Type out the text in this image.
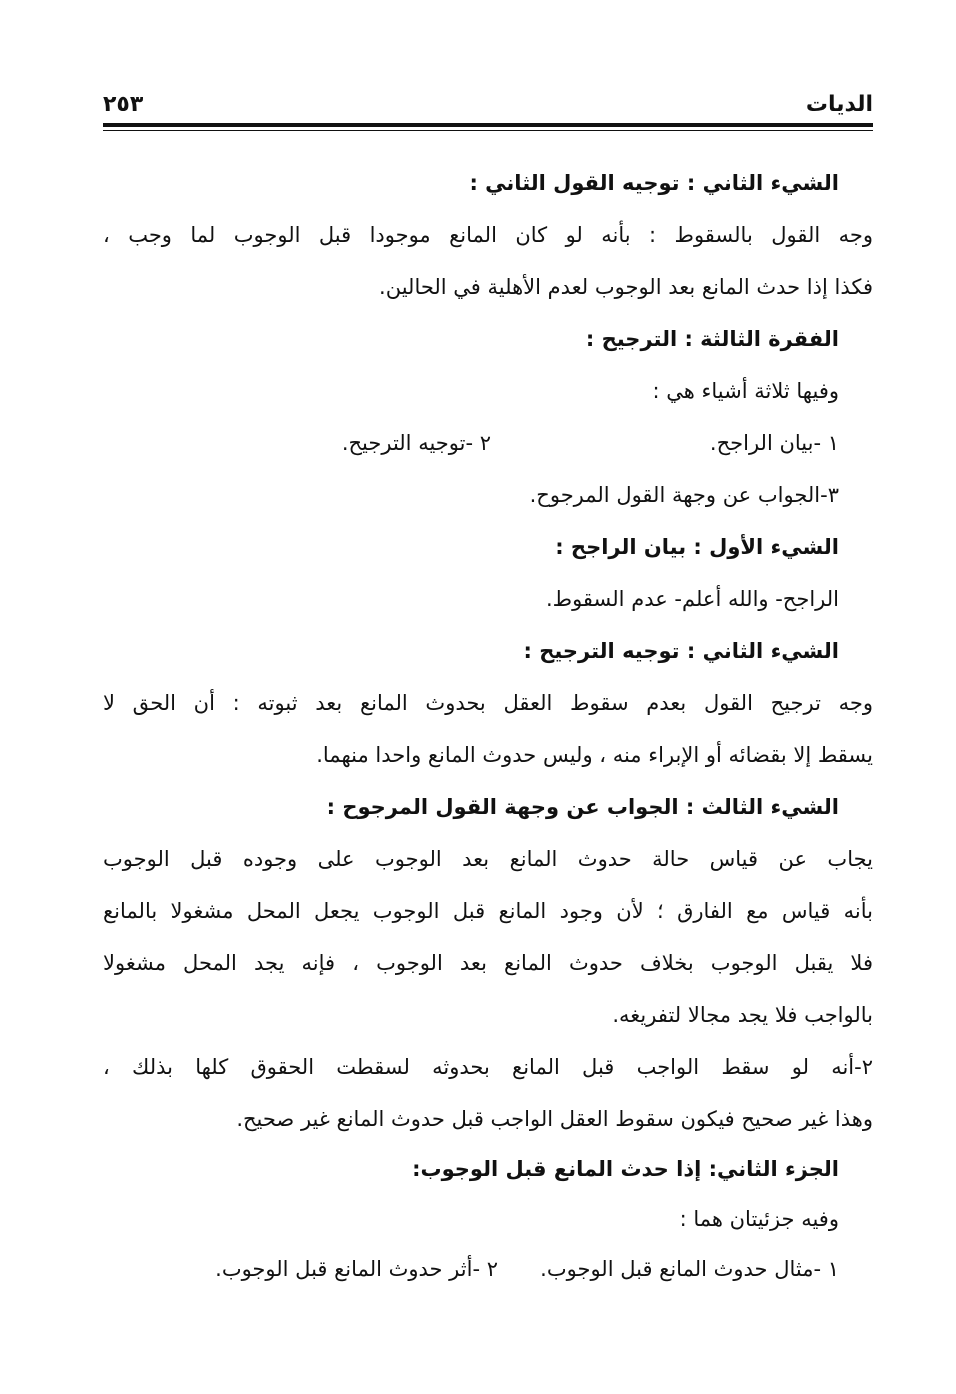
الديات
٢٥٣
الشيء الثاني : توجيه القول الثاني :
وجه القول بالسقوط : بأنه لو كان المانع موجودا قبل الوجوب لما وجب ،
فكذا إذا حدث المانع بعد الوجوب لعدم الأهلية في الحالين.
الفقرة الثالثة : الترجيح :
وفيها ثلاثة أشياء هي :
١ -بيان الراجح.
٢ -توجيه الترجيح.
٣-الجواب عن وجهة القول المرجوح.
الشيء الأول : بيان الراجح :
الراجح- والله أعلم- عدم السقوط.
الشيء الثاني : توجيه الترجيح :
وجه ترجيح القول بعدم سقوط العقل بحدوث المانع بعد ثبوته : أن الحق لا
يسقط إلا بقضائه أو الإبراء منه ، وليس حدوث المانع واحدا منهما.
الشيء الثالث : الجواب عن وجهة القول المرجوح :
يجاب عن قياس حالة حدوث المانع بعد الوجوب على وجوده قبل الوجوب
بأنه قياس مع الفارق ؛ لأن وجود المانع قبل الوجوب يجعل المحل مشغولا بالمانع
فلا يقبل الوجوب بخلاف حدوث المانع بعد الوجوب ، فإنه يجد المحل مشغولا
بالواجب فلا يجد مجالا لتفريغه.
٢-أنه لو سقط الواجب قبل المانع بحدوثه لسقطت الحقوق كلها بذلك ،
وهذا غير صحيح فيكون سقوط العقل الواجب قبل حدوث المانع غير صحيح.
الجزء الثاني: إذا حدث المانع قبل الوجوب:
وفيه جزئيتان هما :
١ -مثال حدوث المانع قبل الوجوب.
٢ -أثر حدوث المانع قبل الوجوب.
